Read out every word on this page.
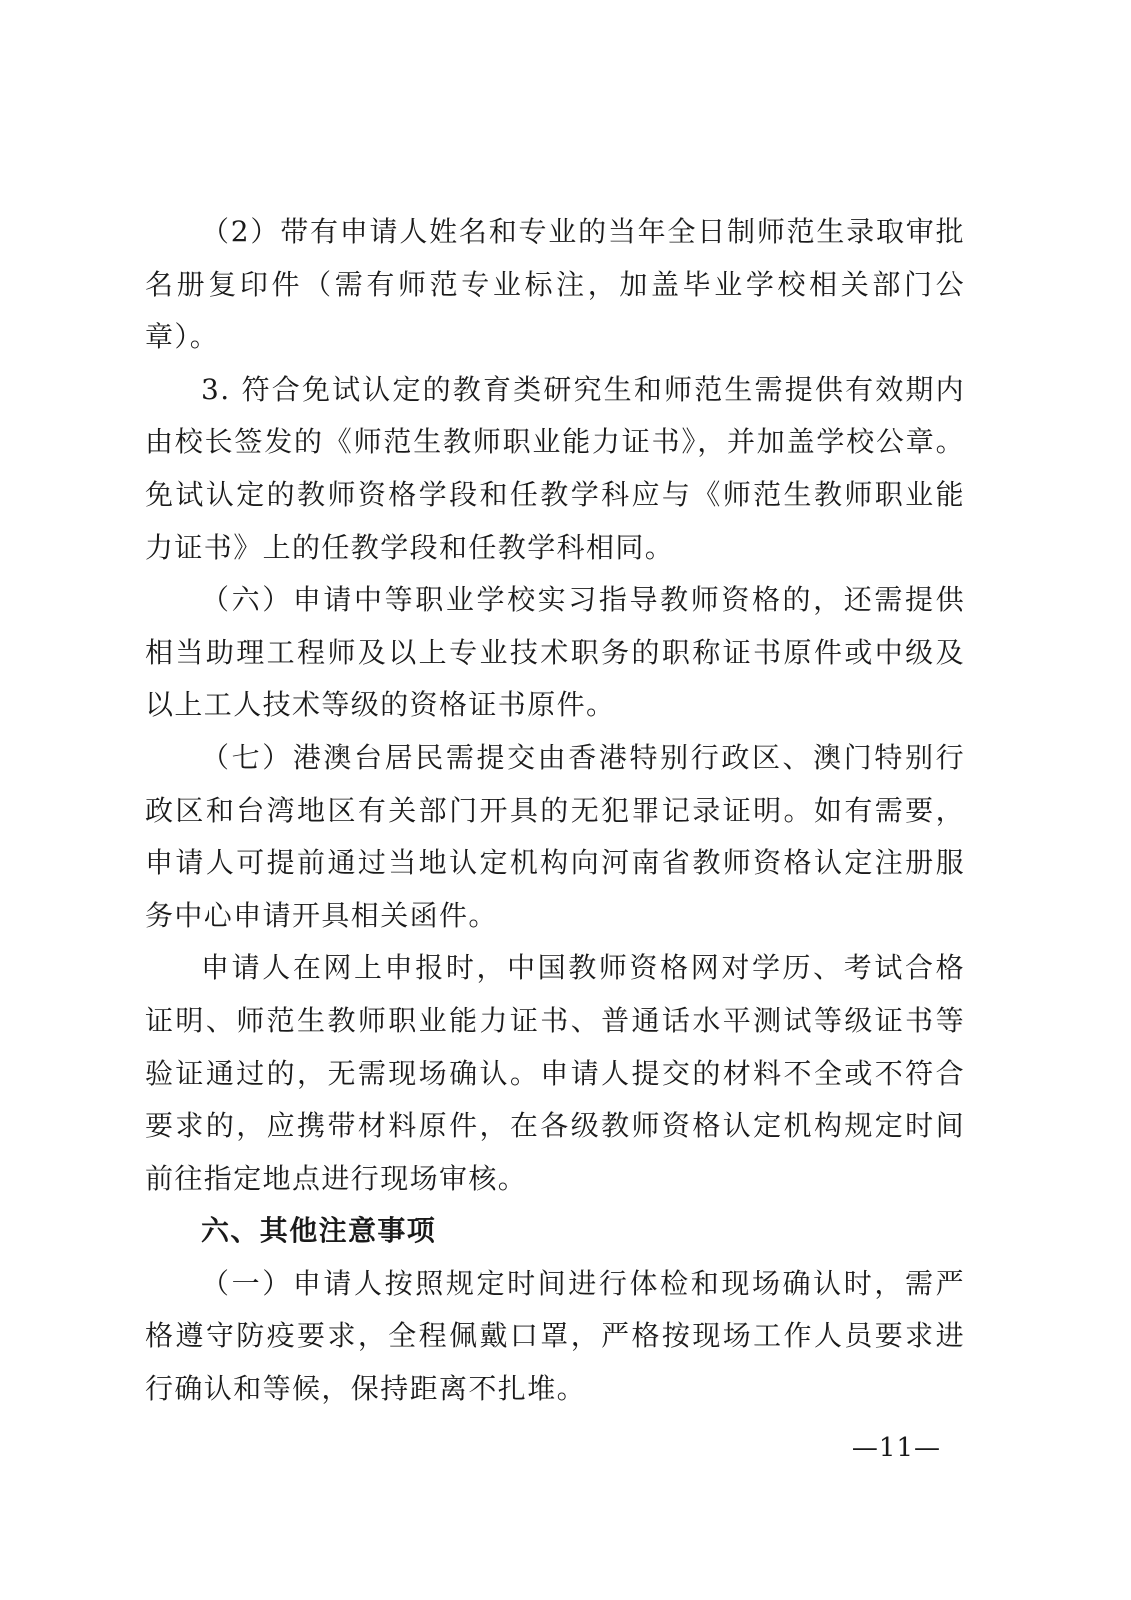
（2）带有申请人姓名和专业的当年全日制师范生录取审批名册复印件（需有师范专业标注，加盖毕业学校相关部门公章）。

3. 符合免试认定的教育类研究生和师范生需提供有效期内由校长签发的《师范生教师职业能力证书》，并加盖学校公章。免试认定的教师资格学段和任教学科应与《师范生教师职业能力证书》上的任教学段和任教学科相同。

（六）申请中等职业学校实习指导教师资格的，还需提供相当助理工程师及以上专业技术职务的职称证书原件或中级及以上工人技术等级的资格证书原件。

（七）港澳台居民需提交由香港特别行政区、澳门特别行政区和台湾地区有关部门开具的无犯罪记录证明。如有需要，申请人可提前通过当地认定机构向河南省教师资格认定注册服务中心申请开具相关函件。

申请人在网上申报时，中国教师资格网对学历、考试合格证明、师范生教师职业能力证书、普通话水平测试等级证书等验证通过的，无需现场确认。申请人提交的材料不全或不符合要求的，应携带材料原件，在各级教师资格认定机构规定时间前往指定地点进行现场审核。

六、其他注意事项

（一）申请人按照规定时间进行体检和现场确认时，需严格遵守防疫要求，全程佩戴口罩，严格按现场工作人员要求进行确认和等候，保持距离不扎堆。

—11—
